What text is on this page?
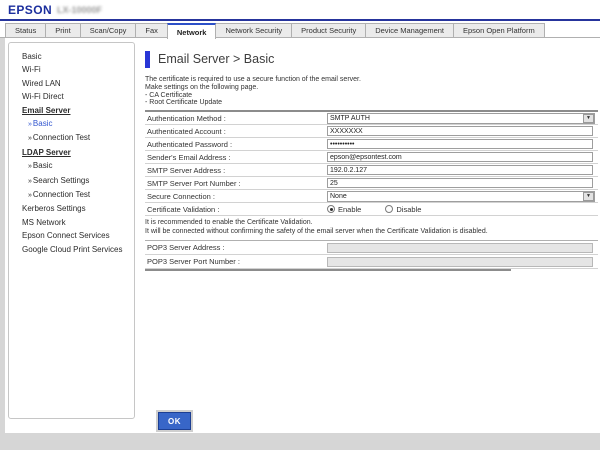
EPSON LX-10000F
Status	Print	Scan/Copy	Fax	Network	Network Security	Product Security	Device Management	Epson Open Platform
Basic
Wi-Fi
Wired LAN
Wi-Fi Direct
Email Server
»Basic
»Connection Test
LDAP Server
»Basic
»Search Settings
»Connection Test
Kerberos Settings
MS Network
Epson Connect Services
Google Cloud Print Services
Email Server > Basic
The certificate is required to use a secure function of the email server.
Make settings on the following page.
- CA Certificate
- Root Certificate Update
Authentication Method :	SMTP AUTH	▼
Authenticated Account :
XXXXXXX
Authenticated Password :
••••••••••
Sender's Email Address :
epson@epsontest.com
SMTP Server Address :
192.0.2.127
SMTP Server Port Number :
25
Secure Connection :	None	▼
Certificate Validation :	Enable	Disable
It is recommended to enable the Certificate Validation.
It will be connected without confirming the safety of the email server when the Certificate Validation is disabled.
POP3 Server Address :
POP3 Server Port Number :
OK
